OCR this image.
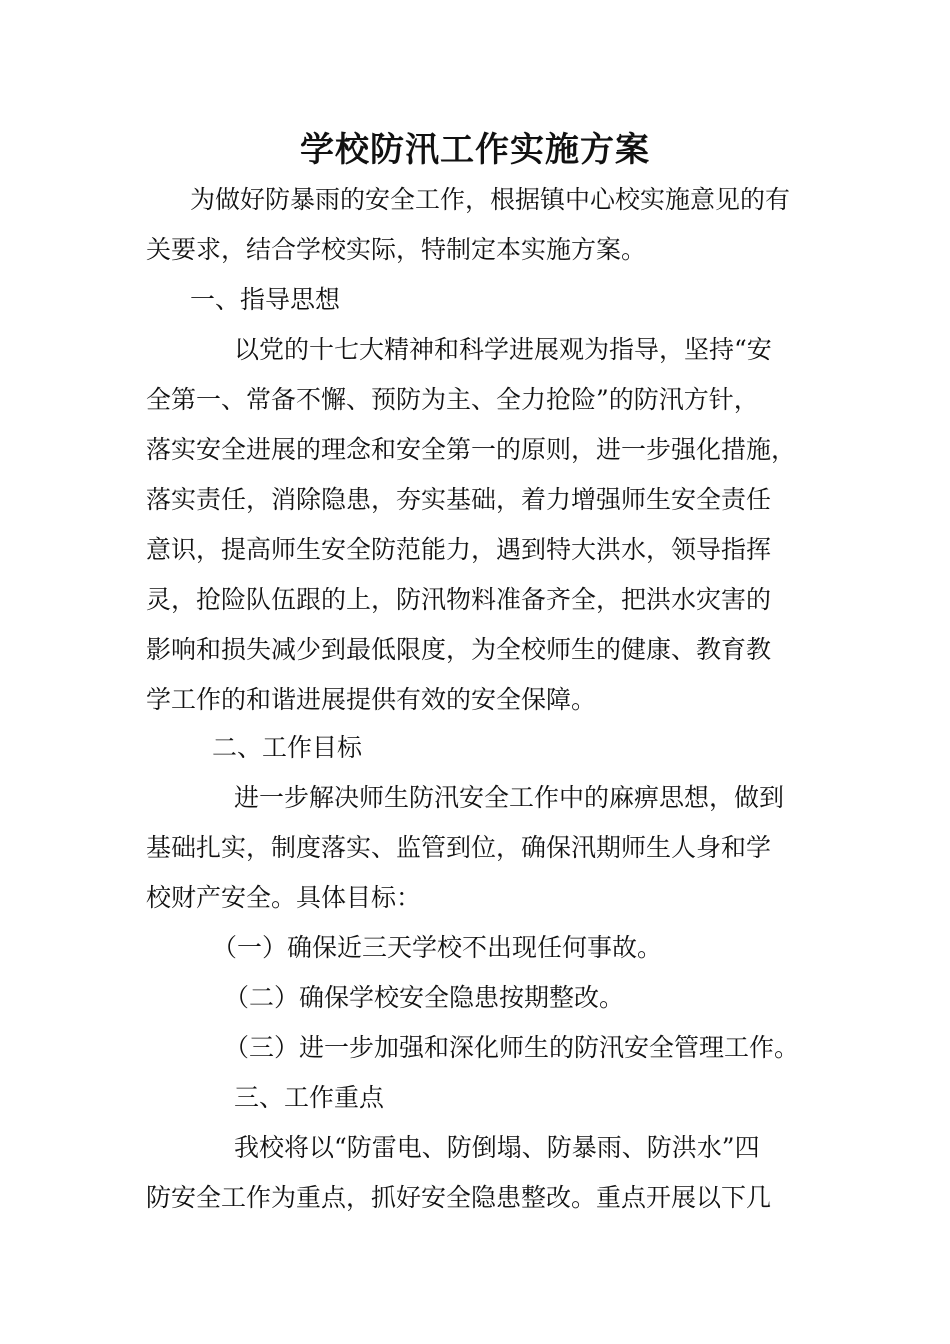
学校防汛工作实施方案
为做好防暴雨的安全工作，根据镇中心校实施意见的有
关要求，结合学校实际，特制定本实施方案。
一、指导思想
以党的十七大精神和科学进展观为指导，坚持“安
全第一、常备不懈、预防为主、全力抢险”的防汛方针，
落实安全进展的理念和安全第一的原则，进一步强化措施，
落实责任，消除隐患，夯实基础，着力增强师生安全责任
意识，提高师生安全防范能力，遇到特大洪水，领导指挥
灵，抢险队伍跟的上，防汛物料准备齐全，把洪水灾害的
影响和损失减少到最低限度，为全校师生的健康、教育教
学工作的和谐进展提供有效的安全保障。
二、工作目标
进一步解决师生防汛安全工作中的麻痹思想，做到
基础扎实，制度落实、监管到位，确保汛期师生人身和学
校财产安全。具体目标：
（一）确保近三天学校不出现任何事故。
（二）确保学校安全隐患按期整改。
（三）进一步加强和深化师生的防汛安全管理工作。
三、工作重点
我校将以“防雷电、防倒塌、防暴雨、防洪水”四
防安全工作为重点，抓好安全隐患整改。重点开展以下几
